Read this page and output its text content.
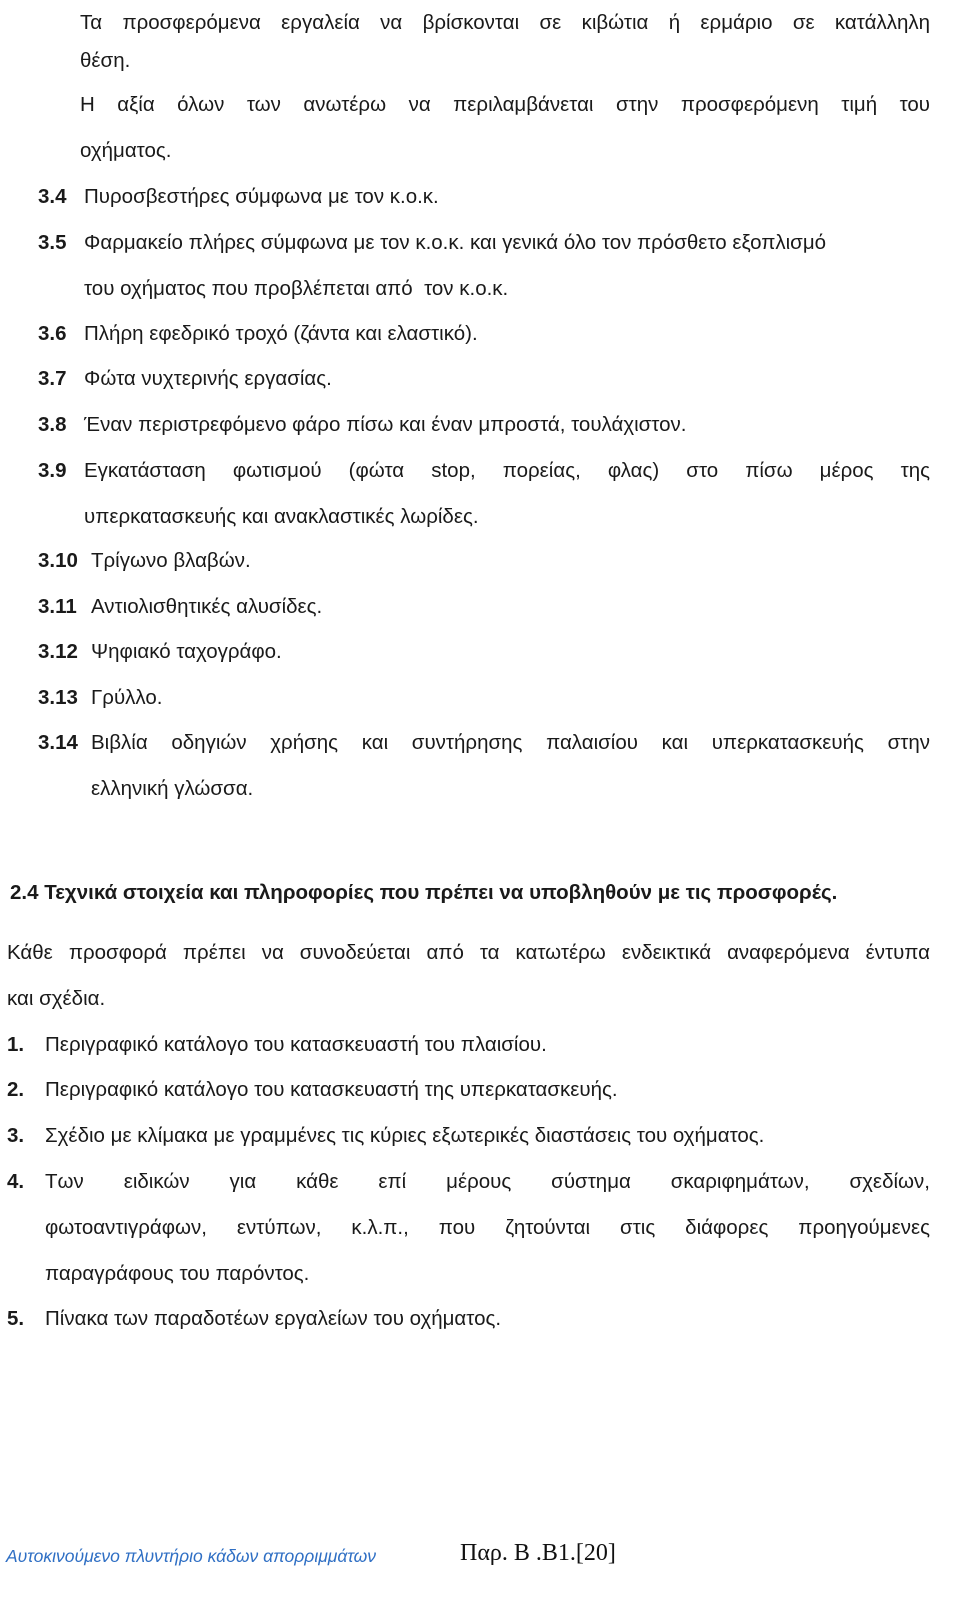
Τα προσφερόμενα εργαλεία να βρίσκονται σε κιβώτια ή ερμάριο σε κατάλληλη

θέση.

Η αξία όλων των ανωτέρω να περιλαμβάνεται στην προσφερόμενη τιμή του

οχήματος.

3.4 Πυροσβεστήρες σύμφωνα με τον κ.ο.κ.
3.5 Φαρμακείο πλήρες σύμφωνα με τον κ.ο.κ. και γενικά όλο τον πρόσθετο εξοπλισμό
του οχήματος που προβλέπεται από  τον κ.ο.κ.
3.6 Πλήρη εφεδρικό τροχό (ζάντα και ελαστικό).
3.7 Φώτα νυχτερινής εργασίας.
3.8 Έναν περιστρεφόμενο φάρο πίσω και έναν μπροστά, τουλάχιστον.
3.9 Εγκατάσταση φωτισμού (φώτα stop, πορείας, φλας) στο πίσω μέρος της
υπερκατασκευής και ανακλαστικές λωρίδες.
3.10 Τρίγωνο βλαβών.
3.11 Αντιολισθητικές αλυσίδες.
3.12 Ψηφιακό ταχογράφο.
3.13 Γρύλλο.
3.14 Βιβλία οδηγιών χρήσης και συντήρησης παλαισίου και υπερκατασκευής στην
ελληνική γλώσσα.
2.4 Τεχνικά στοιχεία και πληροφορίες που πρέπει να υποβληθούν με τις προσφορές.

Κάθε προσφορά πρέπει να συνοδεύεται από τα κατωτέρω ενδεικτικά αναφερόμενα έντυπα

και σχέδια.

1. Περιγραφικό κατάλογο του κατασκευαστή του πλαισίου.
2. Περιγραφικό κατάλογο του κατασκευαστή της υπερκατασκευής.
3. Σχέδιο με κλίμακα με γραμμένες τις κύριες εξωτερικές διαστάσεις του οχήματος.
4. Των ειδικών για κάθε επί μέρους σύστημα σκαριφημάτων, σχεδίων,
φωτοαντιγράφων, εντύπων, κ.λ.π., που ζητούνται στις διάφορες προηγούμενες
παραγράφους του παρόντος.
5. Πίνακα των παραδοτέων εργαλείων του οχήματος.
Αυτοκινούμενο πλυντήριο κάδων απορριμμάτων	Παρ. Β .Β1.[20]
